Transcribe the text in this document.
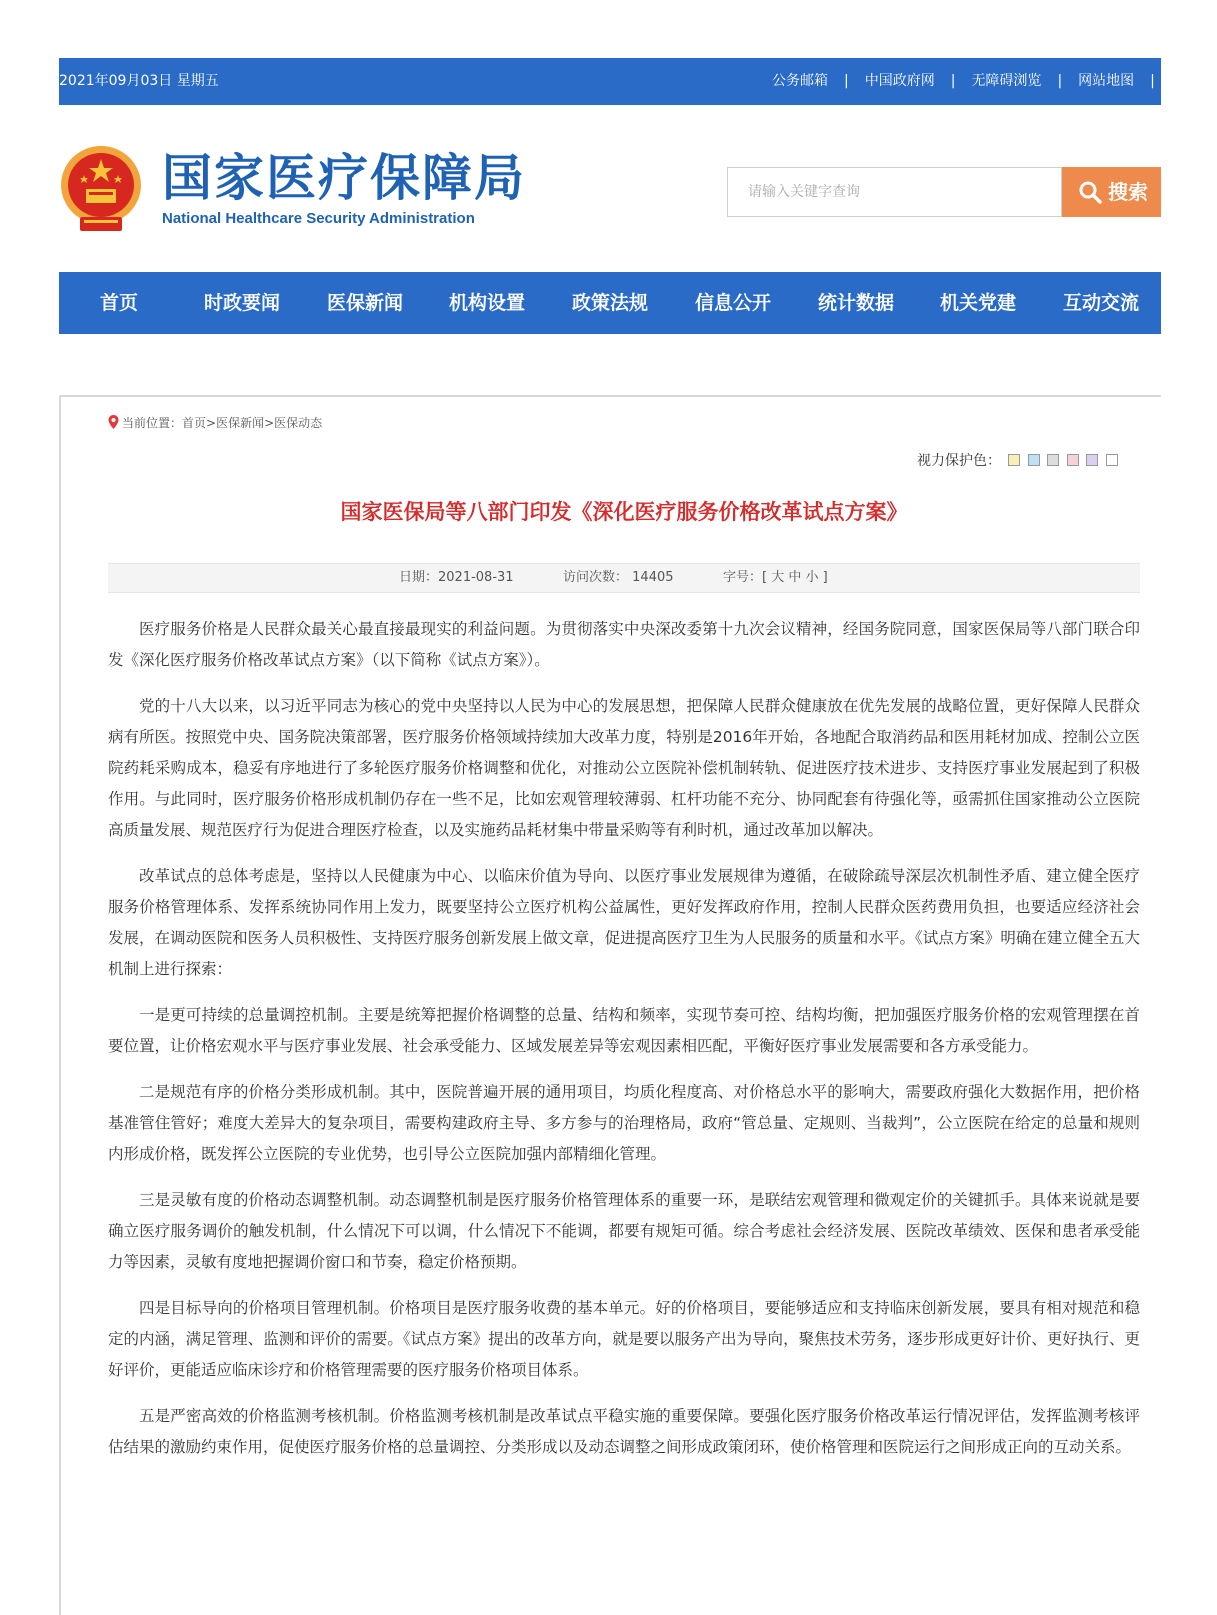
2021年09月03日 星期五	公务邮箱 | 中国政府网 | 无障碍浏览 | 网站地图 | 分享
国家医疗保障局
National Healthcare Security Administration
请输入关键字查询
搜索
首页	时政要闻 医保新闻 机构设置 政策法规 信息公开 统计数据 机关党建 互动交流
当前位置：首页>医保新闻>医保动态
视力保护色：
国家医保局等八部门印发《深化医疗服务价格改革试点方案》
日期：2021-08-31	访问次数： 14405	字号：[ 大 中 小 ]

医疗服务价格是人民群众最关心最直接最现实的利益问题。为贯彻落实中央深改委第十九次会议精神，经国务院同意，国家医保局等八部门联合印发《深化医疗服务价格改革试点方案》（以下简称《试点方案》）。

党的十八大以来，以习近平同志为核心的党中央坚持以人民为中心的发展思想，把保障人民群众健康放在优先发展的战略位置，更好保障人民群众病有所医。按照党中央、国务院决策部署，医疗服务价格领域持续加大改革力度，特别是2016年开始，各地配合取消药品和医用耗材加成、控制公立医院药耗采购成本，稳妥有序地进行了多轮医疗服务价格调整和优化，对推动公立医院补偿机制转轨、促进医疗技术进步、支持医疗事业发展起到了积极作用。与此同时，医疗服务价格形成机制仍存在一些不足，比如宏观管理较薄弱、杠杆功能不充分、协同配套有待强化等，亟需抓住国家推动公立医院高质量发展、规范医疗行为促进合理医疗检查，以及实施药品耗材集中带量采购等有利时机，通过改革加以解决。

改革试点的总体考虑是，坚持以人民健康为中心、以临床价值为导向、以医疗事业发展规律为遵循，在破除疏导深层次机制性矛盾、建立健全医疗服务价格管理体系、发挥系统协同作用上发力，既要坚持公立医疗机构公益属性，更好发挥政府作用，控制人民群众医药费用负担，也要适应经济社会发展，在调动医院和医务人员积极性、支持医疗服务创新发展上做文章，促进提高医疗卫生为人民服务的质量和水平。《试点方案》明确在建立健全五大机制上进行探索：

一是更可持续的总量调控机制。主要是统筹把握价格调整的总量、结构和频率，实现节奏可控、结构均衡，把加强医疗服务价格的宏观管理摆在首要位置，让价格宏观水平与医疗事业发展、社会承受能力、区域发展差异等宏观因素相匹配，平衡好医疗事业发展需要和各方承受能力。

二是规范有序的价格分类形成机制。其中，医院普遍开展的通用项目，均质化程度高、对价格总水平的影响大，需要政府强化大数据作用，把价格基准管住管好；难度大差异大的复杂项目，需要构建政府主导、多方参与的治理格局，政府“管总量、定规则、当裁判”，公立医院在给定的总量和规则内形成价格，既发挥公立医院的专业优势，也引导公立医院加强内部精细化管理。

三是灵敏有度的价格动态调整机制。动态调整机制是医疗服务价格管理体系的重要一环，是联结宏观管理和微观定价的关键抓手。具体来说就是要确立医疗服务调价的触发机制，什么情况下可以调，什么情况下不能调，都要有规矩可循。综合考虑社会经济发展、医院改革绩效、医保和患者承受能力等因素，灵敏有度地把握调价窗口和节奏，稳定价格预期。

四是目标导向的价格项目管理机制。价格项目是医疗服务收费的基本单元。好的价格项目，要能够适应和支持临床创新发展，要具有相对规范和稳定的内涵，满足管理、监测和评价的需要。《试点方案》提出的改革方向，就是要以服务产出为导向，聚焦技术劳务，逐步形成更好计价、更好执行、更好评价，更能适应临床诊疗和价格管理需要的医疗服务价格项目体系。

五是严密高效的价格监测考核机制。价格监测考核机制是改革试点平稳实施的重要保障。要强化医疗服务价格改革运行情况评估，发挥监测考核评估结果的激励约束作用，促使医疗服务价格的总量调控、分类形成以及动态调整之间形成政策闭环，使价格管理和医院运行之间形成正向的互动关系。
